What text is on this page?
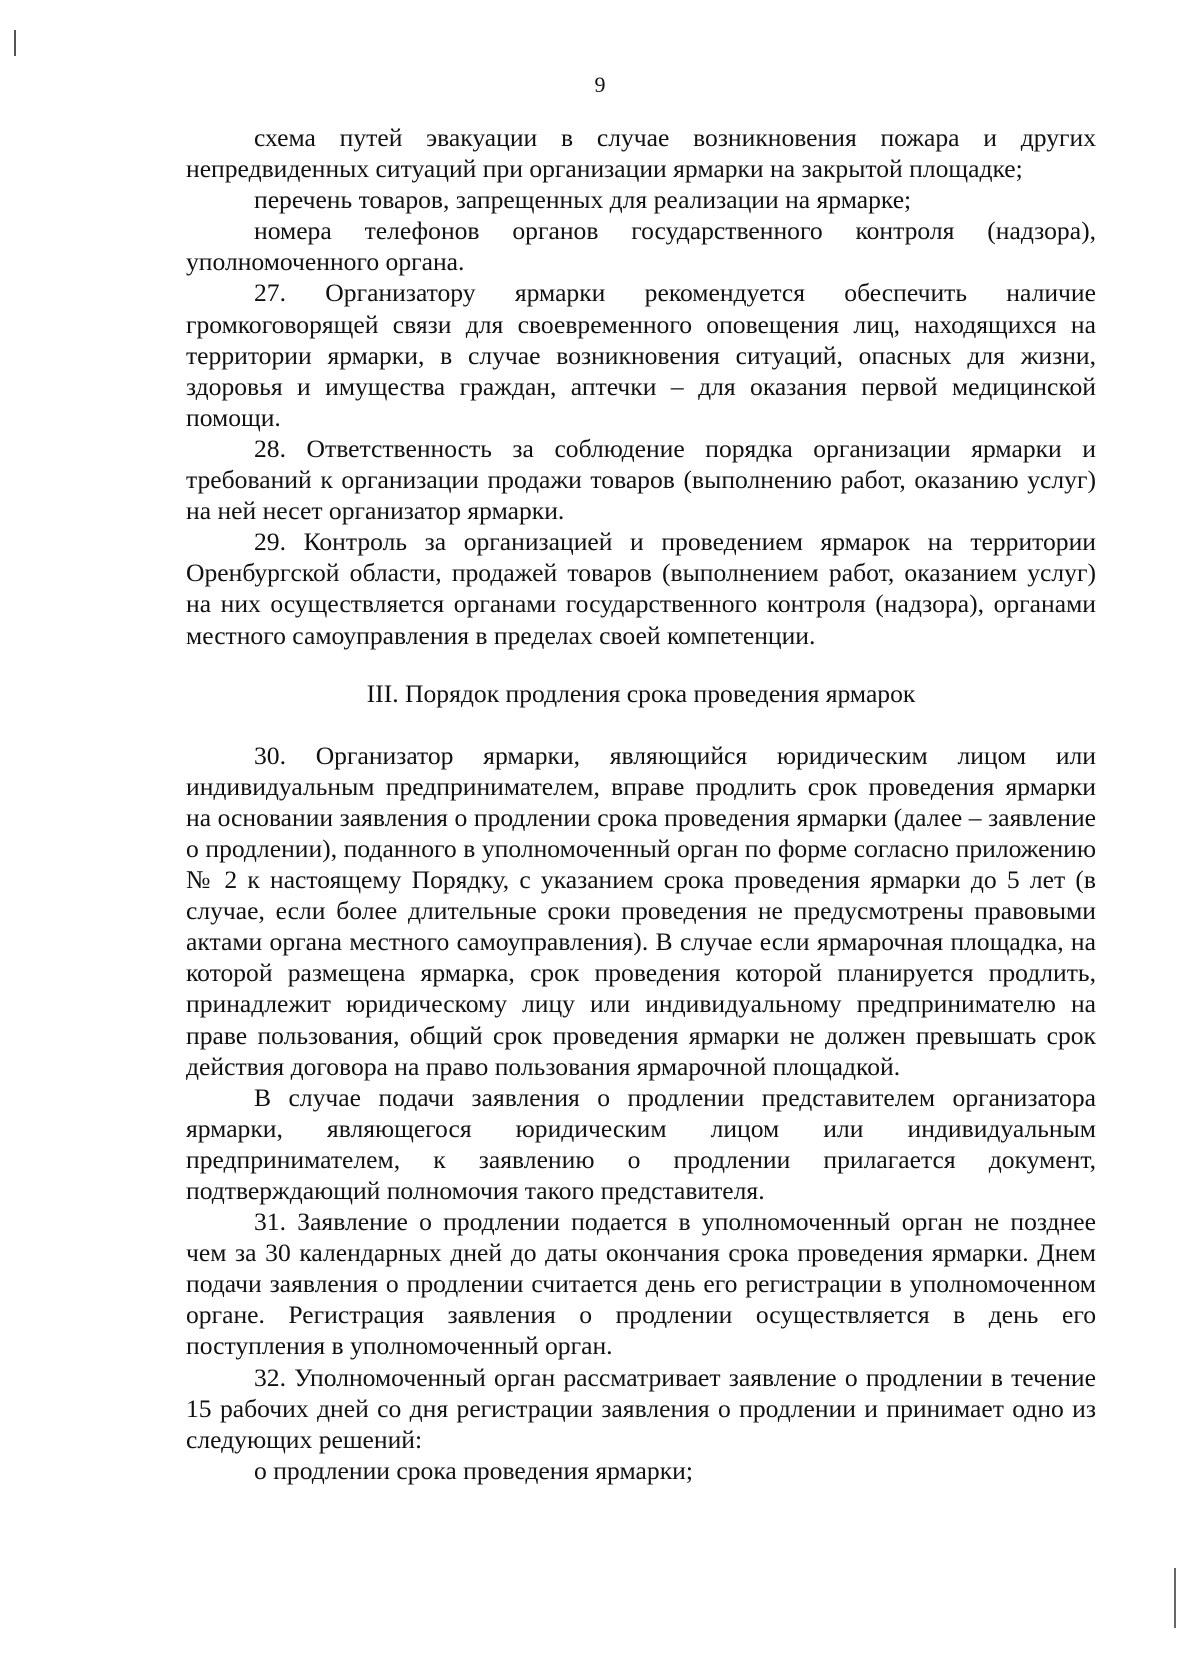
9

схема путей эвакуации в случае возникновения пожара и других непредвиденных ситуаций при организации ярмарки на закрытой площадке;

перечень товаров, запрещенных для реализации на ярмарке;

номера телефонов органов государственного контроля (надзора), уполномоченного органа.

27. Организатору ярмарки рекомендуется обеспечить наличие громкоговорящей связи для своевременного оповещения лиц, находящихся на территории ярмарки, в случае возникновения ситуаций, опасных для жизни, здоровья и имущества граждан, аптечки – для оказания первой медицинской помощи.

28. Ответственность за соблюдение порядка организации ярмарки и требований к организации продажи товаров (выполнению работ, оказанию услуг) на ней несет организатор ярмарки.

29. Контроль за организацией и проведением ярмарок на территории Оренбургской области, продажей товаров (выполнением работ, оказанием услуг) на них осуществляется органами государственного контроля (надзора), органами местного самоуправления в пределах своей компетенции.

III. Порядок продления срока проведения ярмарок

30. Организатор ярмарки, являющийся юридическим лицом или индивидуальным предпринимателем, вправе продлить срок проведения ярмарки на основании заявления о продлении срока проведения ярмарки (далее – заявление о продлении), поданного в уполномоченный орган по форме согласно приложению № 2 к настоящему Порядку, с указанием срока проведения ярмарки до 5 лет (в случае, если более длительные сроки проведения не предусмотрены правовыми актами органа местного самоуправления). В случае если ярмарочная площадка, на которой размещена ярмарка, срок проведения которой планируется продлить, принадлежит юридическому лицу или индивидуальному предпринимателю на праве пользования, общий срок проведения ярмарки не должен превышать срок действия договора на право пользования ярмарочной площадкой.

В случае подачи заявления о продлении представителем организатора ярмарки, являющегося юридическим лицом или индивидуальным предпринимателем, к заявлению о продлении прилагается документ, подтверждающий полномочия такого представителя.

31. Заявление о продлении подается в уполномоченный орган не позднее чем за 30 календарных дней до даты окончания срока проведения ярмарки. Днем подачи заявления о продлении считается день его регистрации в уполномоченном органе. Регистрация заявления о продлении осуществляется в день его поступления в уполномоченный орган.

32. Уполномоченный орган рассматривает заявление о продлении в течение 15 рабочих дней со дня регистрации заявления о продлении и принимает одно из следующих решений:

о продлении срока проведения ярмарки;
